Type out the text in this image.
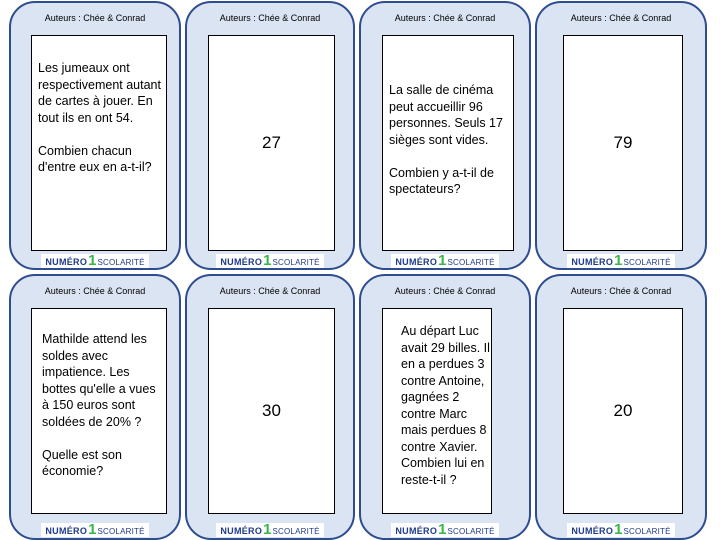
Auteurs : Chée & Conrad
Les jumeaux ont respectivement autant de cartes à jouer. En tout ils en ont 54.

Combien chacun d'entre eux en a-t-il?
NUMÉRO 1 SCOLARITÉ
Auteurs : Chée & Conrad
27
NUMÉRO 1 SCOLARITÉ
Auteurs : Chée & Conrad
La salle de cinéma peut accueillir 96 personnes. Seuls 17 sièges sont vides.

Combien y a-t-il de spectateurs?
NUMÉRO 1 SCOLARITÉ
Auteurs : Chée & Conrad
79
NUMÉRO 1 SCOLARITÉ
Auteurs : Chée & Conrad
Mathilde attend les soldes avec impatience. Les bottes qu'elle a vues à 150 euros sont soldées de 20% ?

Quelle est son économie?
NUMÉRO 1 SCOLARITÉ
Auteurs : Chée & Conrad
30
NUMÉRO 1 SCOLARITÉ
Auteurs : Chée & Conrad
Au départ Luc avait 29 billes. Il en a perdues 3 contre Antoine, gagnées 2 contre Marc mais perdues 8 contre Xavier. Combien lui en reste-t-il ?
NUMÉRO 1 SCOLARITÉ
Auteurs : Chée & Conrad
20
NUMÉRO 1 SCOLARITÉ
